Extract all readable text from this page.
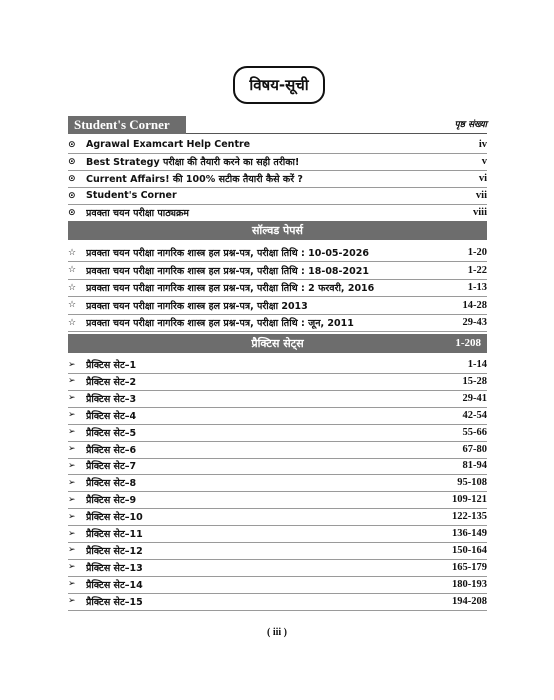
विषय-सूची
Student's Corner	पृष्ठ संख्या
⊙	Agrawal Examcart Help Centre	iv
⊙	Best Strategy परीक्षा की तैयारी करने का सही तरीका!	v
⊙	Current Affairs! की 100% सटीक तैयारी कैसे करें ?	vi
⊙	Student's Corner	vii
⊙	प्रवक्ता चयन परीक्षा पाठ्यक्रम	viii
सॉल्वड पेपर्स
☆	प्रवक्ता चयन परीक्षा नागरिक शास्त्र हल प्रश्न-पत्र, परीक्षा तिथि : 10-05-2026	1-20
☆	प्रवक्ता चयन परीक्षा नागरिक शास्त्र हल प्रश्न-पत्र, परीक्षा तिथि : 18-08-2021	1-22
☆	प्रवक्ता चयन परीक्षा नागरिक शास्त्र हल प्रश्न-पत्र, परीक्षा तिथि : 2 फरवरी, 2016	1-13
☆	प्रवक्ता चयन परीक्षा नागरिक शास्त्र हल प्रश्न-पत्र, परीक्षा 2013	14-28
☆	प्रवक्ता चयन परीक्षा नागरिक शास्त्र हल प्रश्न-पत्र, परीक्षा तिथि : जून, 2011	29-43
प्रैक्टिस सेट्स	1-208
➢	प्रैक्टिस सेट–1	1-14
➢	प्रैक्टिस सेट–2	15-28
➢	प्रैक्टिस सेट–3	29-41
➢	प्रैक्टिस सेट–4	42-54
➢	प्रैक्टिस सेट–5	55-66
➢	प्रैक्टिस सेट–6	67-80
➢	प्रैक्टिस सेट–7	81-94
➢	प्रैक्टिस सेट–8	95-108
➢	प्रैक्टिस सेट–9	109-121
➢	प्रैक्टिस सेट–10	122-135
➢	प्रैक्टिस सेट–11	136-149
➢	प्रैक्टिस सेट–12	150-164
➢	प्रैक्टिस सेट–13	165-179
➢	प्रैक्टिस सेट–14	180-193
➢	प्रैक्टिस सेट–15	194-208
( iii )
